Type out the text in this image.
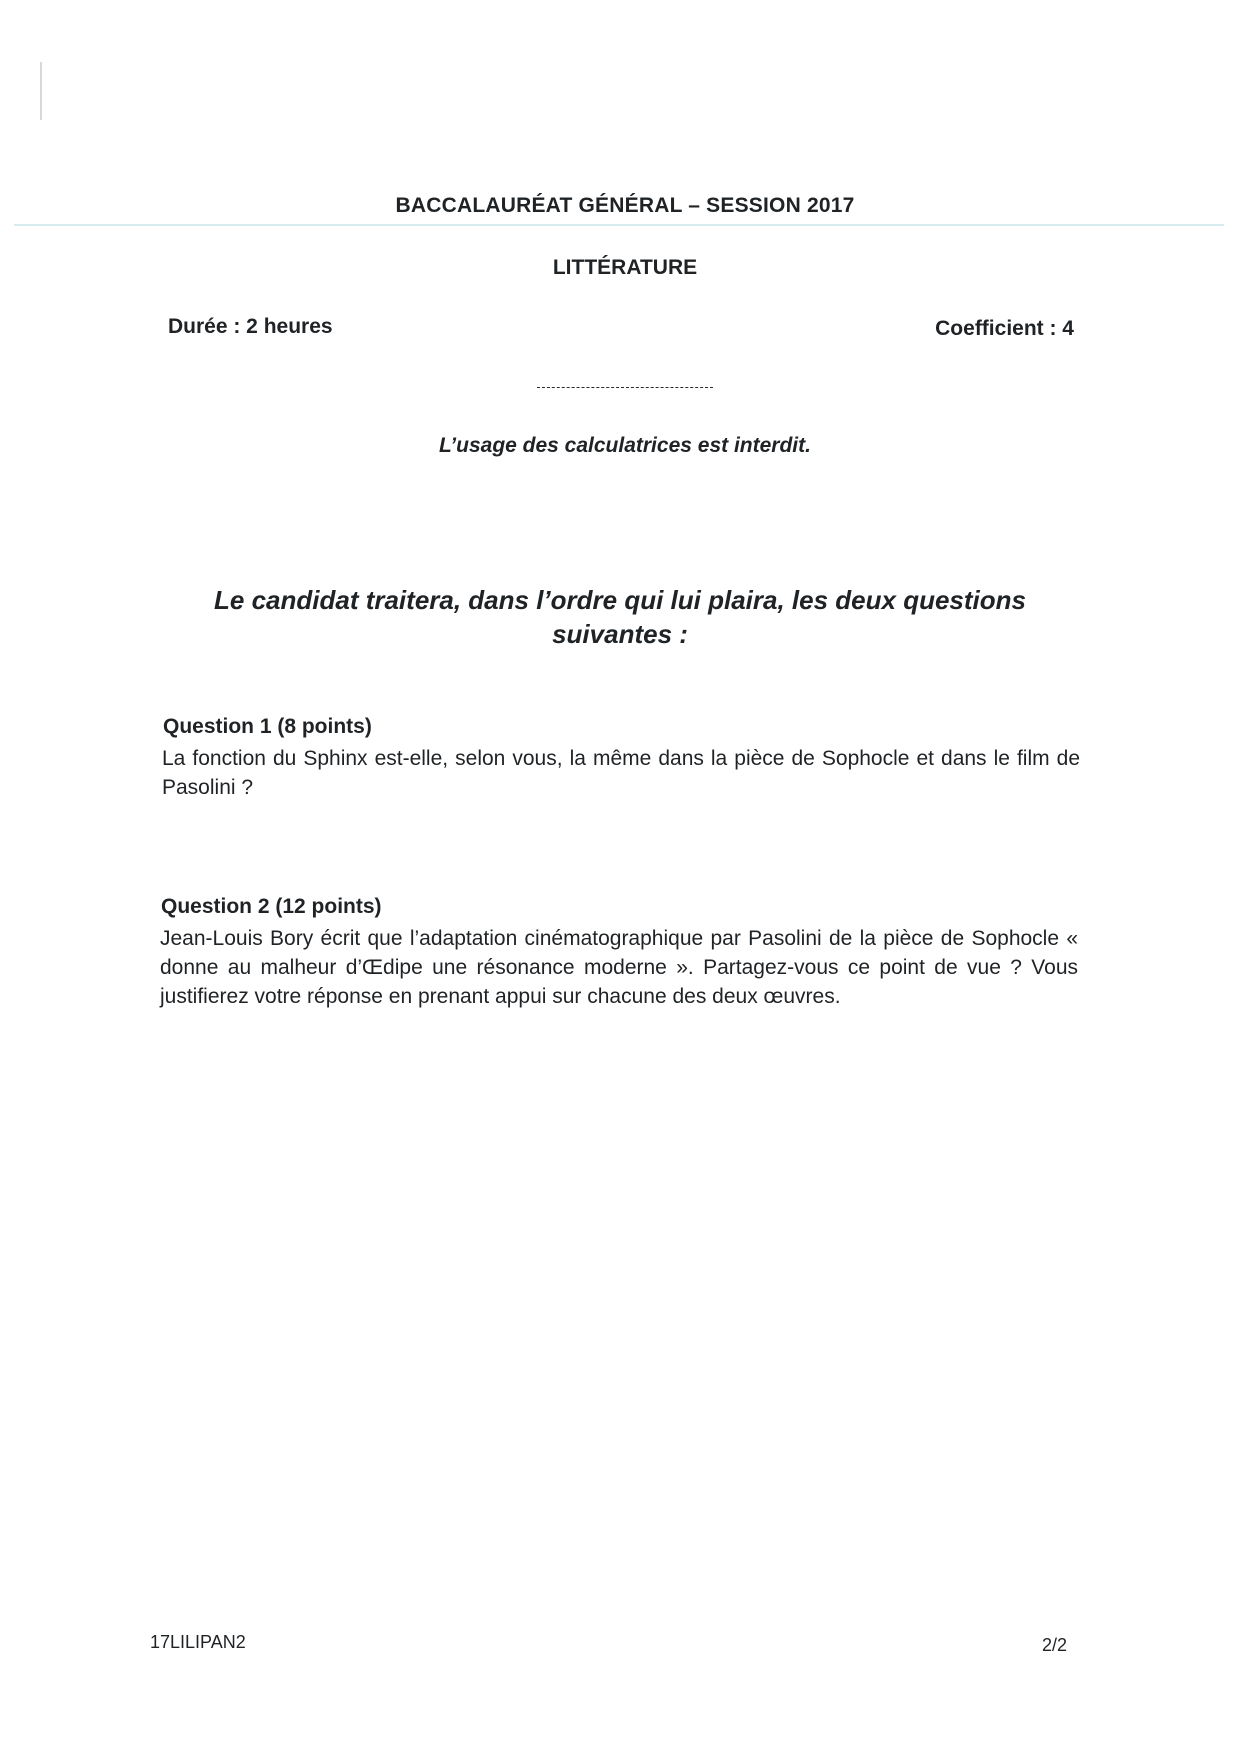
BACCALAURÉAT GÉNÉRAL – SESSION 2017
LITTÉRATURE
Durée : 2 heures	Coefficient : 4
L’usage des calculatrices est interdit.
Le candidat traitera, dans l’ordre qui lui plaira, les deux questions suivantes :
Question 1 (8 points)
La fonction du Sphinx est-elle, selon vous, la même dans la pièce de Sophocle et dans le film de Pasolini ?
Question 2 (12 points)
Jean-Louis Bory écrit que l’adaptation cinématographique par Pasolini de la pièce de Sophocle « donne au malheur d’Œdipe une résonance moderne ». Partagez-vous ce point de vue ? Vous justifierez votre réponse en prenant appui sur chacune des deux œuvres.
17LILIPAN2	2/2
